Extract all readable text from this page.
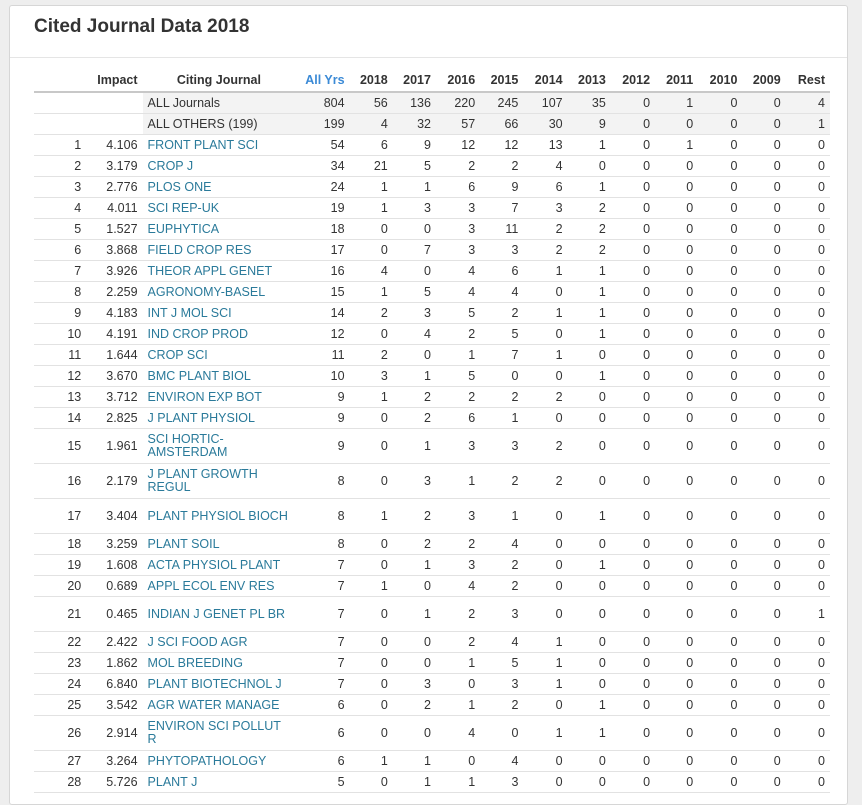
Cited Journal Data 2018
	Impact	Citing Journal	All Yrs	2018	2017	2016	2015	2014	2013	2012	2011	2010	2009	Rest
		ALL Journals	804	56	136	220	245	107	35	0	1	0	0	4
		ALL OTHERS (199)	199	4	32	57	66	30	9	0	0	0	0	1
1	4.106	FRONT PLANT SCI	54	6	9	12	12	13	1	0	1	0	0	0
2	3.179	CROP J	34	21	5	2	2	4	0	0	0	0	0	0
3	2.776	PLOS ONE	24	1	1	6	9	6	1	0	0	0	0	0
4	4.011	SCI REP-UK	19	1	3	3	7	3	2	0	0	0	0	0
5	1.527	EUPHYTICA	18	0	0	3	11	2	2	0	0	0	0	0
6	3.868	FIELD CROP RES	17	0	7	3	3	2	2	0	0	0	0	0
7	3.926	THEOR APPL GENET	16	4	0	4	6	1	1	0	0	0	0	0
8	2.259	AGRONOMY-BASEL	15	1	5	4	4	0	1	0	0	0	0	0
9	4.183	INT J MOL SCI	14	2	3	5	2	1	1	0	0	0	0	0
10	4.191	IND CROP PROD	12	0	4	2	5	0	1	0	0	0	0	0
11	1.644	CROP SCI	11	2	0	1	7	1	0	0	0	0	0	0
12	3.670	BMC PLANT BIOL	10	3	1	5	0	0	1	0	0	0	0	0
13	3.712	ENVIRON EXP BOT	9	1	2	2	2	2	0	0	0	0	0	0
14	2.825	J PLANT PHYSIOL	9	0	2	6	1	0	0	0	0	0	0	0
15	1.961	SCI HORTIC-AMSTERDAM	9	0	1	3	3	2	0	0	0	0	0	0
16	2.179	J PLANT GROWTH REGUL	8	0	3	1	2	2	0	0	0	0	0	0
17	3.404	PLANT PHYSIOL BIOCH	8	1	2	3	1	0	1	0	0	0	0	0
18	3.259	PLANT SOIL	8	0	2	2	4	0	0	0	0	0	0	0
19	1.608	ACTA PHYSIOL PLANT	7	0	1	3	2	0	1	0	0	0	0	0
20	0.689	APPL ECOL ENV RES	7	1	0	4	2	0	0	0	0	0	0	0
21	0.465	INDIAN J GENET PL BR	7	0	1	2	3	0	0	0	0	0	0	1
22	2.422	J SCI FOOD AGR	7	0	0	2	4	1	0	0	0	0	0	0
23	1.862	MOL BREEDING	7	0	0	1	5	1	0	0	0	0	0	0
24	6.840	PLANT BIOTECHNOL J	7	0	3	0	3	1	0	0	0	0	0	0
25	3.542	AGR WATER MANAGE	6	0	2	1	2	0	1	0	0	0	0	0
26	2.914	ENVIRON SCI POLLUT R	6	0	0	4	0	1	1	0	0	0	0	0
27	3.264	PHYTOPATHOLOGY	6	1	1	0	4	0	0	0	0	0	0	0
28	5.726	PLANT J	5	0	1	1	3	0	0	0	0	0	0	0
